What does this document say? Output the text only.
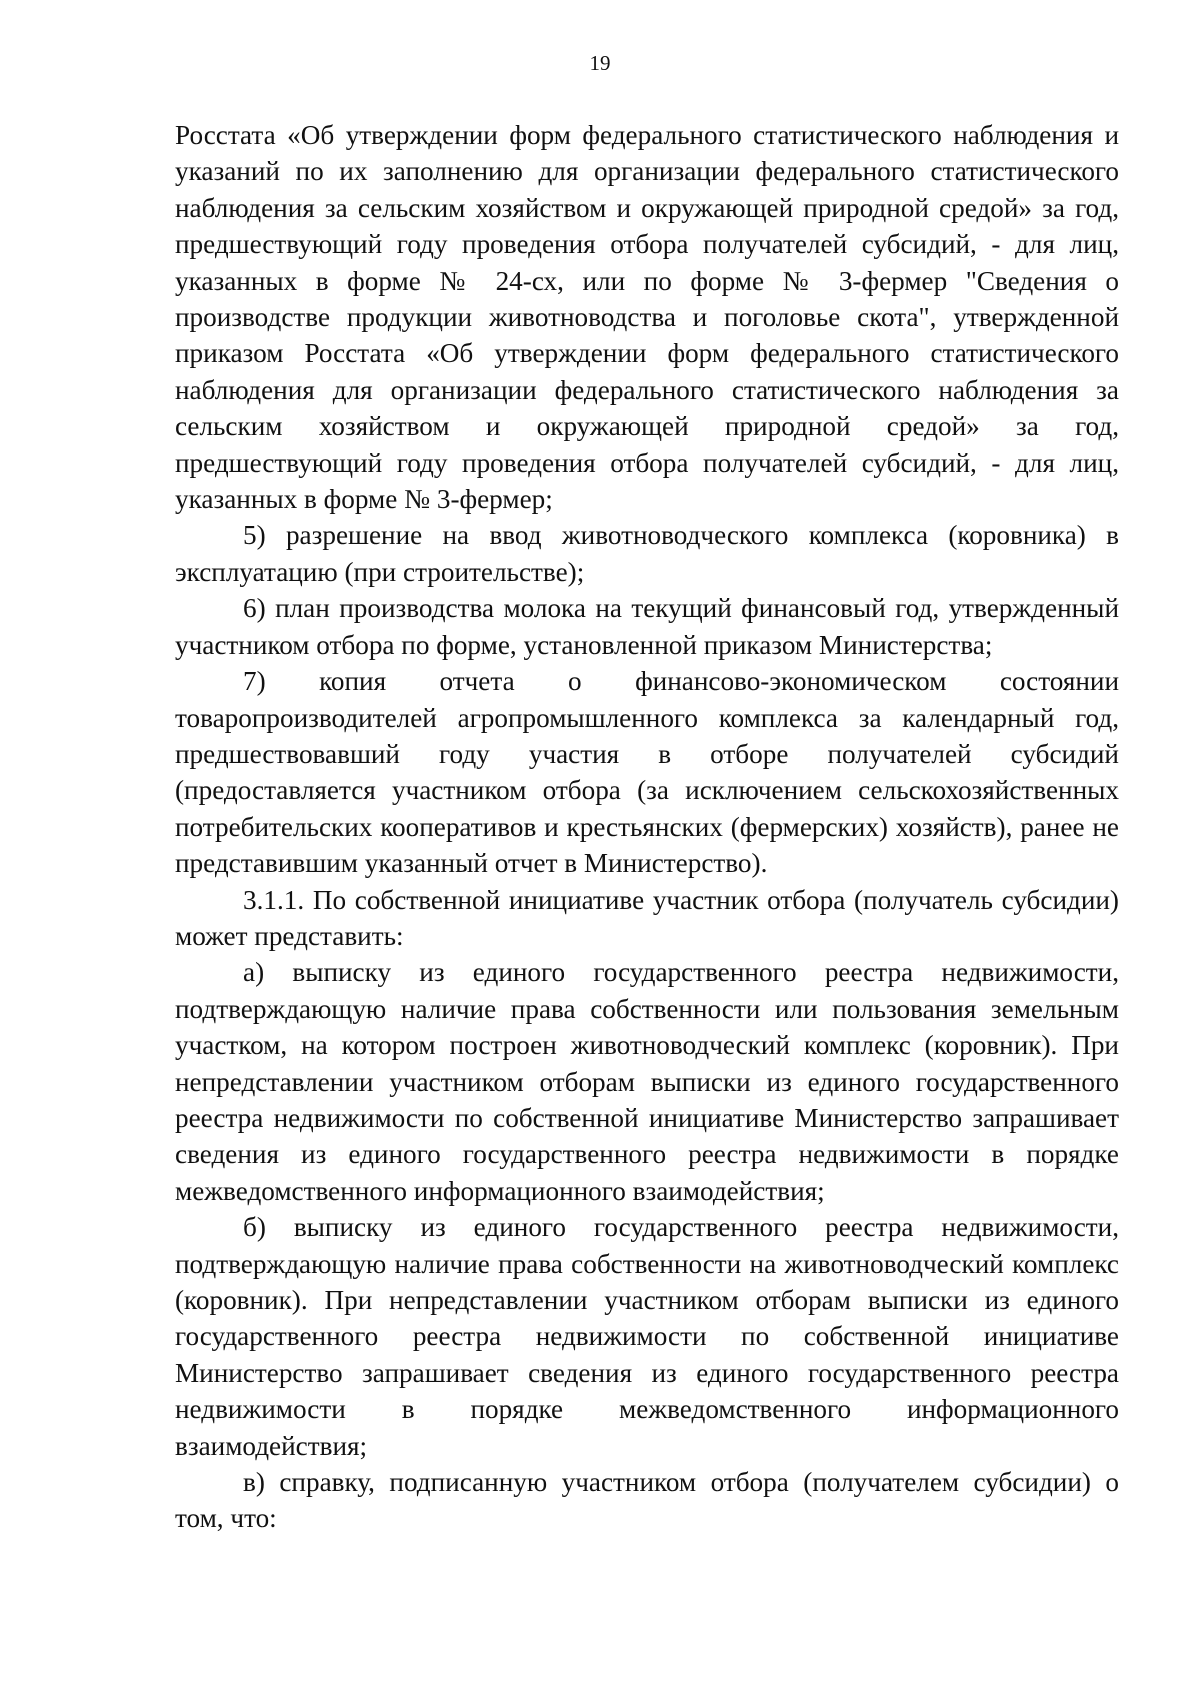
19

Росстата «Об утверждении форм федерального статистического наблюдения и указаний по их заполнению для организации федерального статистического наблюдения за сельским хозяйством и окружающей природной средой» за год, предшествующий году проведения отбора получателей субсидий, - для лиц, указанных в форме № 24-сх, или по форме № 3-фермер "Сведения о производстве продукции животноводства и поголовье скота", утвержденной приказом Росстата «Об утверждении форм федерального статистического наблюдения для организации федерального статистического наблюдения за сельским хозяйством и окружающей природной средой» за год, предшествующий году проведения отбора получателей субсидий, - для лиц, указанных в форме № 3-фермер;

5) разрешение на ввод животноводческого комплекса (коровника) в эксплуатацию (при строительстве);

6) план производства молока на текущий финансовый год, утвержденный участником отбора по форме, установленной приказом Министерства;

7) копия отчета о финансово-экономическом состоянии товаропроизводителей агропромышленного комплекса за календарный год, предшествовавший году участия в отборе получателей субсидий (предоставляется участником отбора (за исключением сельскохозяйственных потребительских кооперативов и крестьянских (фермерских) хозяйств), ранее не представившим указанный отчет в Министерство).

3.1.1. По собственной инициативе участник отбора (получатель субсидии) может представить:

а) выписку из единого государственного реестра недвижимости, подтверждающую наличие права собственности или пользования земельным участком, на котором построен животноводческий комплекс (коровник). При непредставлении участником отборам выписки из единого государственного реестра недвижимости по собственной инициативе Министерство запрашивает сведения из единого государственного реестра недвижимости в порядке межведомственного информационного взаимодействия;

б) выписку из единого государственного реестра недвижимости, подтверждающую наличие права собственности на животноводческий комплекс (коровник). При непредставлении участником отборам выписки из единого государственного реестра недвижимости по собственной инициативе Министерство запрашивает сведения из единого государственного реестра недвижимости в порядке межведомственного информационного взаимодействия;

в) справку, подписанную участником отбора (получателем субсидии) о том, что:
